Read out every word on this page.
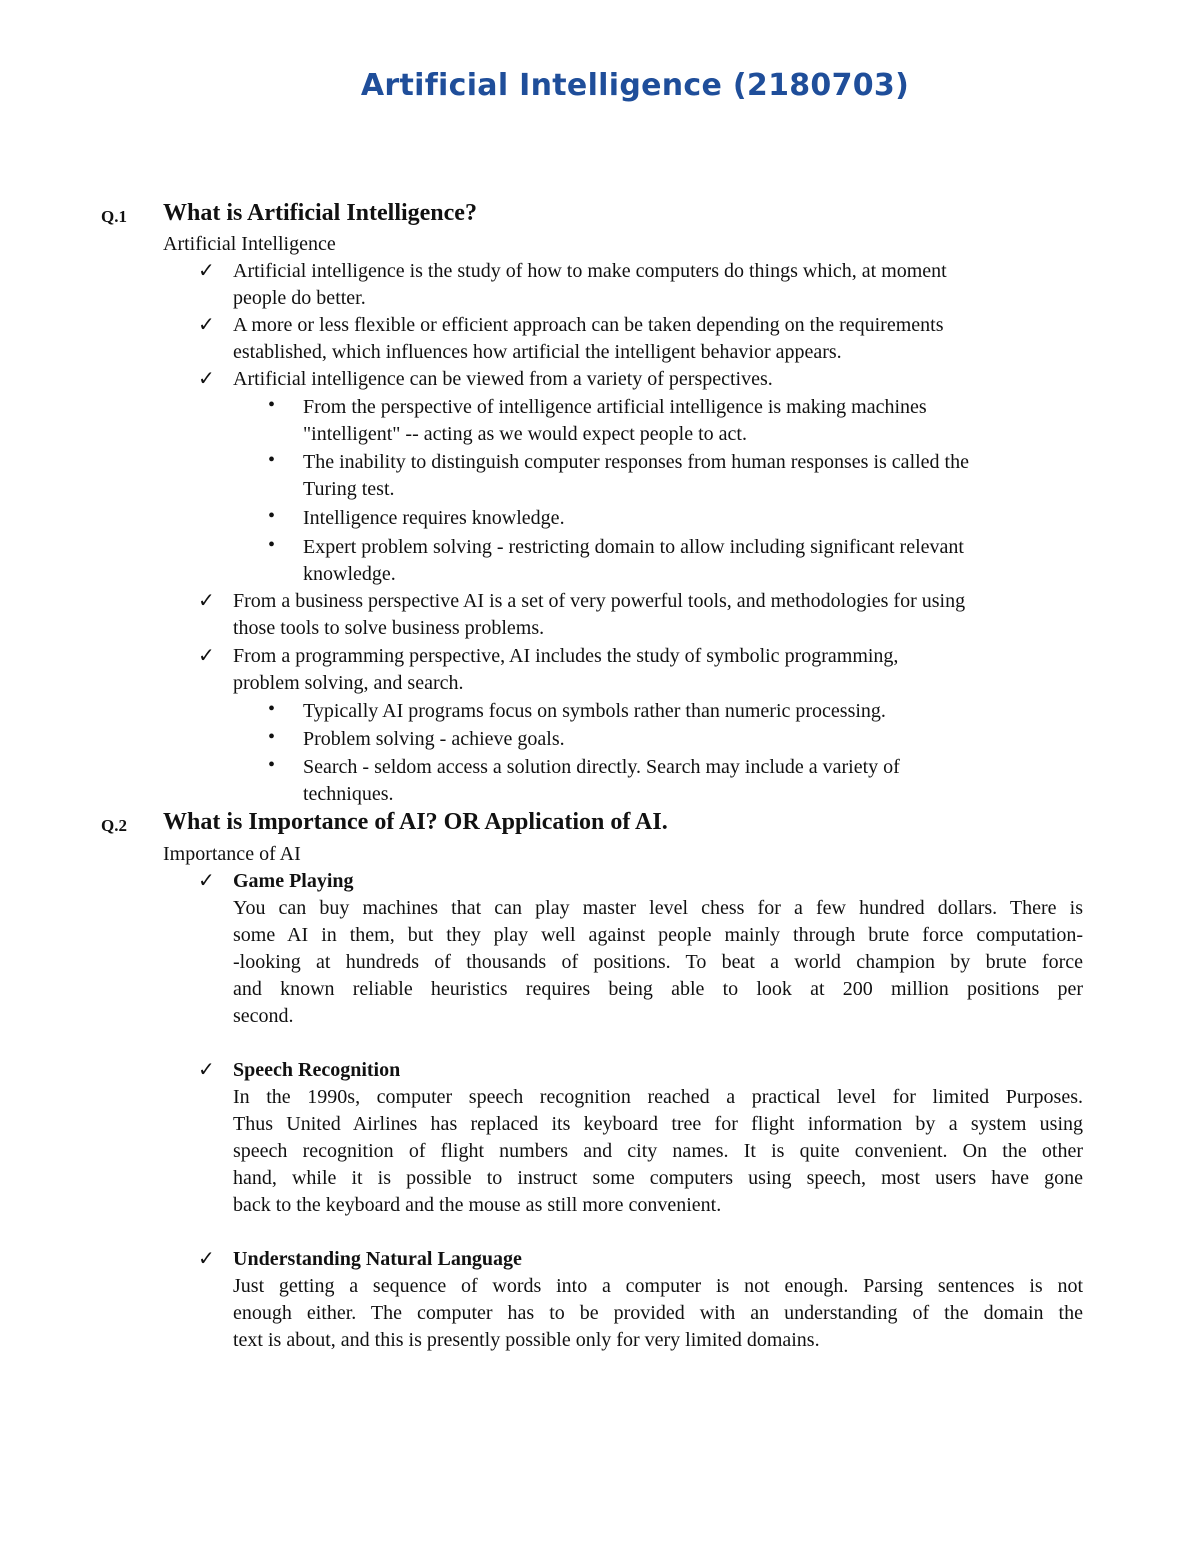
Artificial Intelligence (2180703)
Q.1 What is Artificial Intelligence?
Artificial Intelligence
✓ Artificial intelligence is the study of how to make computers do things which, at moment
people do better.
✓ A more or less flexible or efficient approach can be taken depending on the requirements
established, which influences how artificial the intelligent behavior appears.
✓ Artificial intelligence can be viewed from a variety of perspectives.
• From the perspective of intelligence artificial intelligence is making machines
"intelligent" -- acting as we would expect people to act.
• The inability to distinguish computer responses from human responses is called the
Turing test.
• Intelligence requires knowledge.
• Expert problem solving - restricting domain to allow including significant relevant
knowledge.
✓ From a business perspective AI is a set of very powerful tools, and methodologies for using
those tools to solve business problems.
✓ From a programming perspective, AI includes the study of symbolic programming,
problem solving, and search.
• Typically AI programs focus on symbols rather than numeric processing.
• Problem solving - achieve goals.
• Search - seldom access a solution directly. Search may include a variety of
techniques.
Q.2 What is Importance of AI? OR Application of AI.
Importance of AI
✓ Game Playing
You can buy machines that can play master level chess for a few hundred dollars. There is
some AI in them, but they play well against people mainly through brute force computation-
-looking at hundreds of thousands of positions. To beat a world champion by brute force
and known reliable heuristics requires being able to look at 200 million positions per
second.
✓ Speech Recognition
In the 1990s, computer speech recognition reached a practical level for limited Purposes.
Thus United Airlines has replaced its keyboard tree for flight information by a system using
speech recognition of flight numbers and city names. It is quite convenient. On the other
hand, while it is possible to instruct some computers using speech, most users have gone
back to the keyboard and the mouse as still more convenient.
✓ Understanding Natural Language
Just getting a sequence of words into a computer is not enough. Parsing sentences is not
enough either. The computer has to be provided with an understanding of the domain the
text is about, and this is presently possible only for very limited domains.
